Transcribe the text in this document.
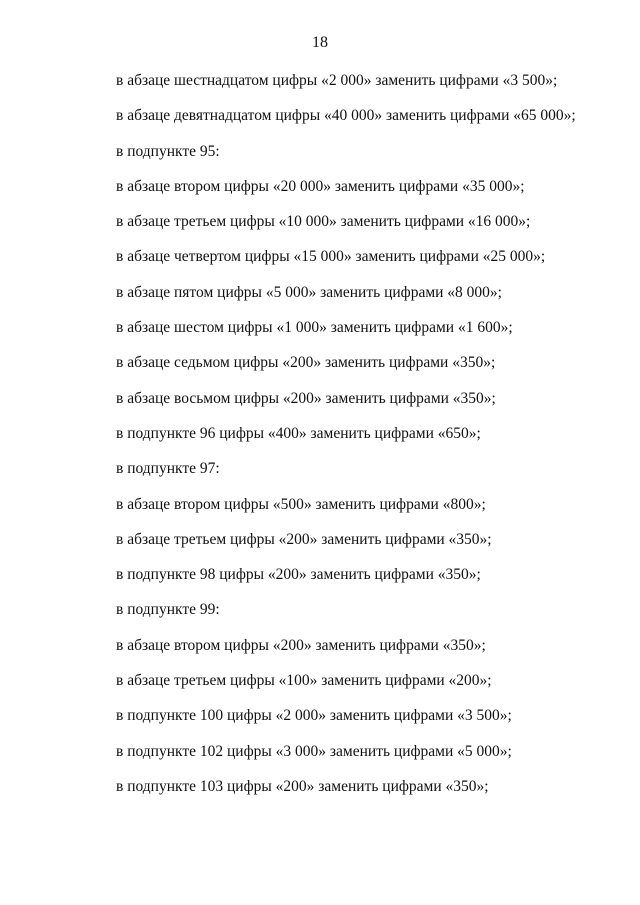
18
в абзаце шестнадцатом цифры «2 000» заменить цифрами «3 500»;
в абзаце девятнадцатом цифры «40 000» заменить цифрами «65 000»;
в подпункте 95:
в абзаце втором цифры «20 000» заменить цифрами «35 000»;
в абзаце третьем цифры «10 000» заменить цифрами «16 000»;
в абзаце четвертом цифры «15 000» заменить цифрами «25 000»;
в абзаце пятом цифры «5 000» заменить цифрами «8 000»;
в абзаце шестом цифры «1 000» заменить цифрами «1 600»;
в абзаце седьмом цифры «200» заменить цифрами «350»;
в абзаце восьмом цифры «200» заменить цифрами «350»;
в подпункте 96 цифры «400» заменить цифрами «650»;
в подпункте 97:
в абзаце втором цифры «500» заменить цифрами «800»;
в абзаце третьем цифры «200» заменить цифрами «350»;
в подпункте 98 цифры «200» заменить цифрами «350»;
в подпункте 99:
в абзаце втором цифры «200» заменить цифрами «350»;
в абзаце третьем цифры «100» заменить цифрами «200»;
в подпункте 100 цифры «2 000» заменить цифрами «3 500»;
в подпункте 102 цифры «3 000» заменить цифрами «5 000»;
в подпункте 103 цифры «200» заменить цифрами «350»;
